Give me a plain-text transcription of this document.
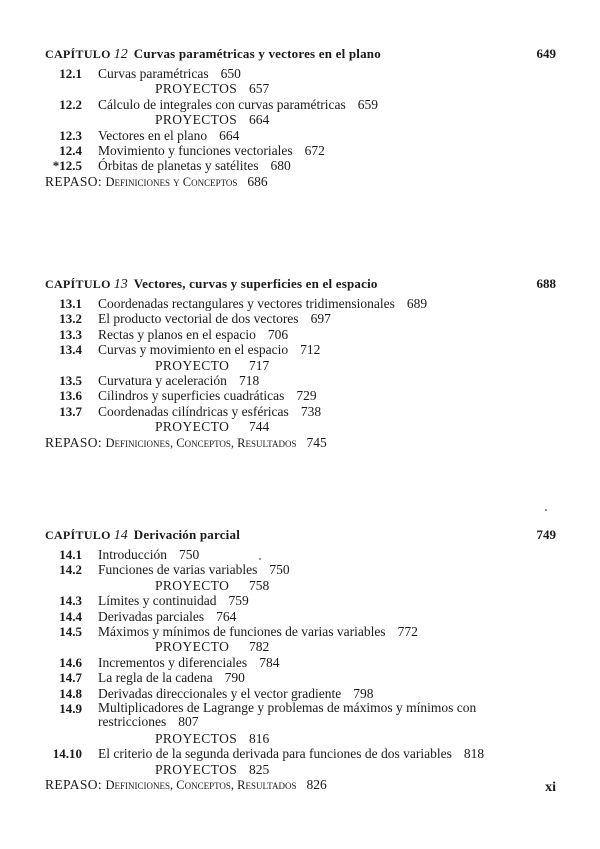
CAPÍTULO 12 Curvas paramétricas y vectores en el plano	649
12.1 Curvas paramétricas 650
PROYECTOS 657
12.2 Cálculo de integrales con curvas paramétricas 659
PROYECTOS 664
12.3 Vectores en el plano 664
12.4 Movimiento y funciones vectoriales 672
*12.5 Órbitas de planetas y satélites 680
REPASO: Definiciones y Conceptos 686
CAPÍTULO 13 Vectores, curvas y superficies en el espacio	688
13.1 Coordenadas rectangulares y vectores tridimensionales 689
13.2 El producto vectorial de dos vectores 697
13.3 Rectas y planos en el espacio 706
13.4 Curvas y movimiento en el espacio 712
PROYECTO 717
13.5 Curvatura y aceleración 718
13.6 Cilindros y superficies cuadráticas 729
13.7 Coordenadas cilíndricas y esféricas 738
PROYECTO 744
REPASO: Definiciones, Conceptos, Resultados 745
CAPÍTULO 14 Derivación parcial	749
14.1 Introducción 750
14.2 Funciones de varias variables 750
PROYECTO 758
14.3 Límites y continuidad 759
14.4 Derivadas parciales 764
14.5 Máximos y mínimos de funciones de varias variables 772
PROYECTO 782
14.6 Incrementos y diferenciales 784
14.7 La regla de la cadena 790
14.8 Derivadas direccionales y el vector gradiente 798
14.9 Multiplicadores de Lagrange y problemas de máximos y mínimos con restricciones 807
PROYECTOS 816
14.10 El criterio de la segunda derivada para funciones de dos variables 818
PROYECTOS 825
REPASO: Definiciones, Conceptos, Resultados 826	xi
